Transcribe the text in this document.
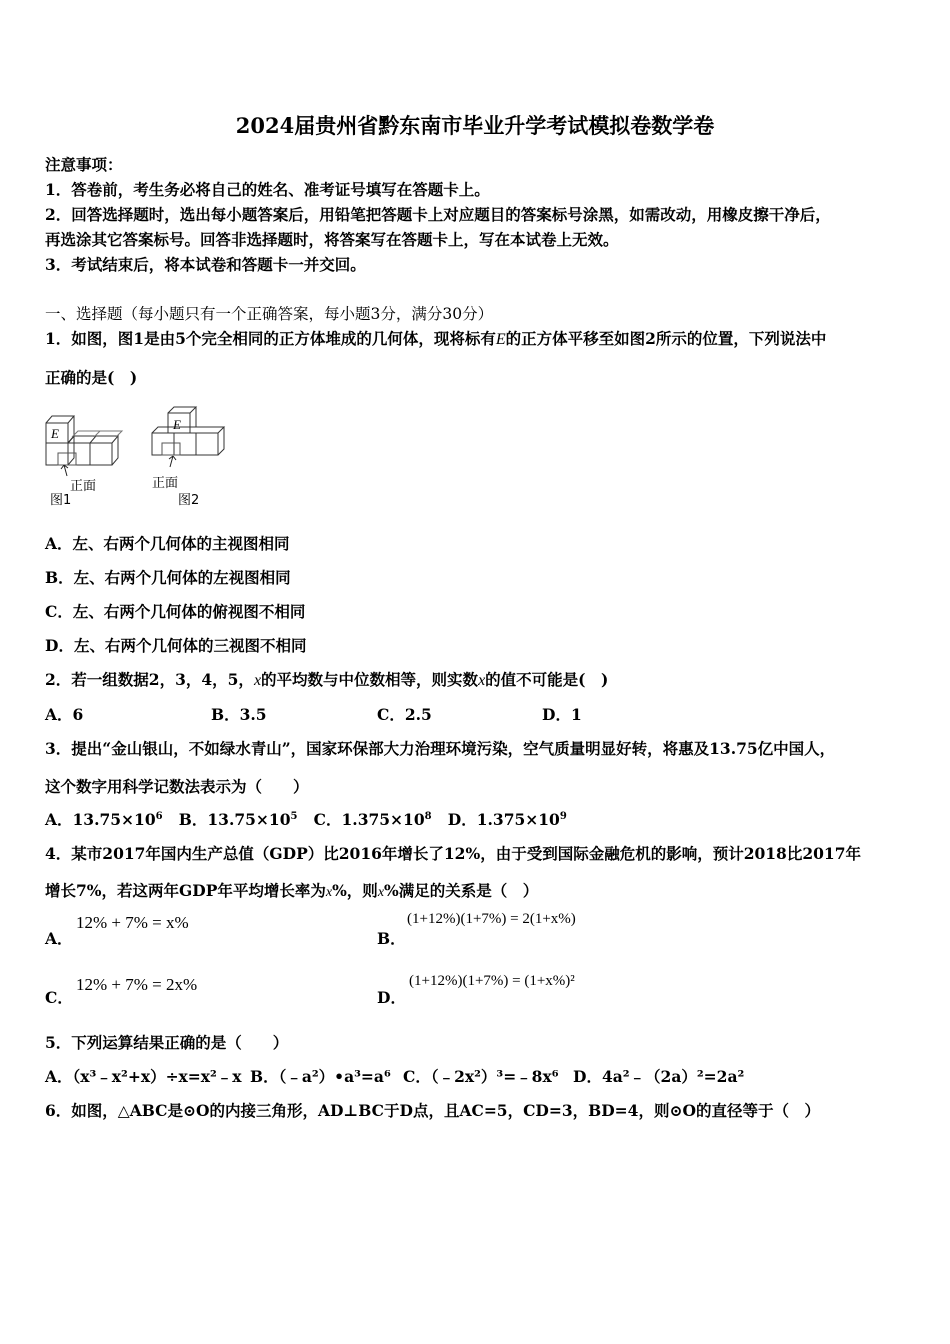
2024届贵州省黔东南市毕业升学考试模拟卷数学卷
注意事项：
1．答卷前，考生务必将自己的姓名、准考证号填写在答题卡上。
2．回答选择题时，选出每小题答案后，用铅笔把答题卡上对应题目的答案标号涂黑，如需改动，用橡皮擦干净后，
再选涂其它答案标号。回答非选择题时，将答案写在答题卡上，写在本试卷上无效。
3．考试结束后，将本试卷和答题卡一并交回。
一、选择题（每小题只有一个正确答案，每小题3分，满分30分）
1．如图，图1是由5个完全相同的正方体堆成的几何体，现将标有E的正方体平移至如图2所示的位置，下列说法中
正确的是(　)
E
E
正面	正面
图1	图2
A．左、右两个几何体的主视图相同
B．左、右两个几何体的左视图相同
C．左、右两个几何体的俯视图不相同
D．左、右两个几何体的三视图不相同
2．若一组数据2，3，4，5，x的平均数与中位数相等，则实数x的值不可能是(　)
A．6	B．3.5	C．2.5	D．1
3．提出“金山银山，不如绿水青山”，国家环保部大力治理环境污染，空气质量明显好转，将惠及13.75亿中国人，
这个数字用科学记数法表示为（　　）
A．$13.75\times 10^6$ B．$13.75\times 10^5$ C．$1.375\times 10^8$ D．$1.375\times 10^9$
4．某市2017年国内生产总值（GDP）比2016年增长了12%，由于受到国际金融危机的影响，预计2018比2017年
增长7%，若这两年GDP年平均增长率为x%，则x%满足的关系是（　）
A．
12% + 7% = x%
B．
(1+12%)(1+7%) = 2(1+x%)
C．
12% + 7% = 2x%
D．
(1+12%)(1+7%) = (1+x%)²
5．下列运算结果正确的是（　　）
A．（x³﹣x²+x）÷x=x²﹣x B．（﹣a²）•a³=a⁶ C．（﹣2x²）³=﹣8x⁶ D．4a²﹣（2a）²=2a²
6．如图，△ABC是⊙O的内接三角形，AD⊥BC于D点，且AC=5，CD=3，BD=4，则⊙O的直径等于（　）
